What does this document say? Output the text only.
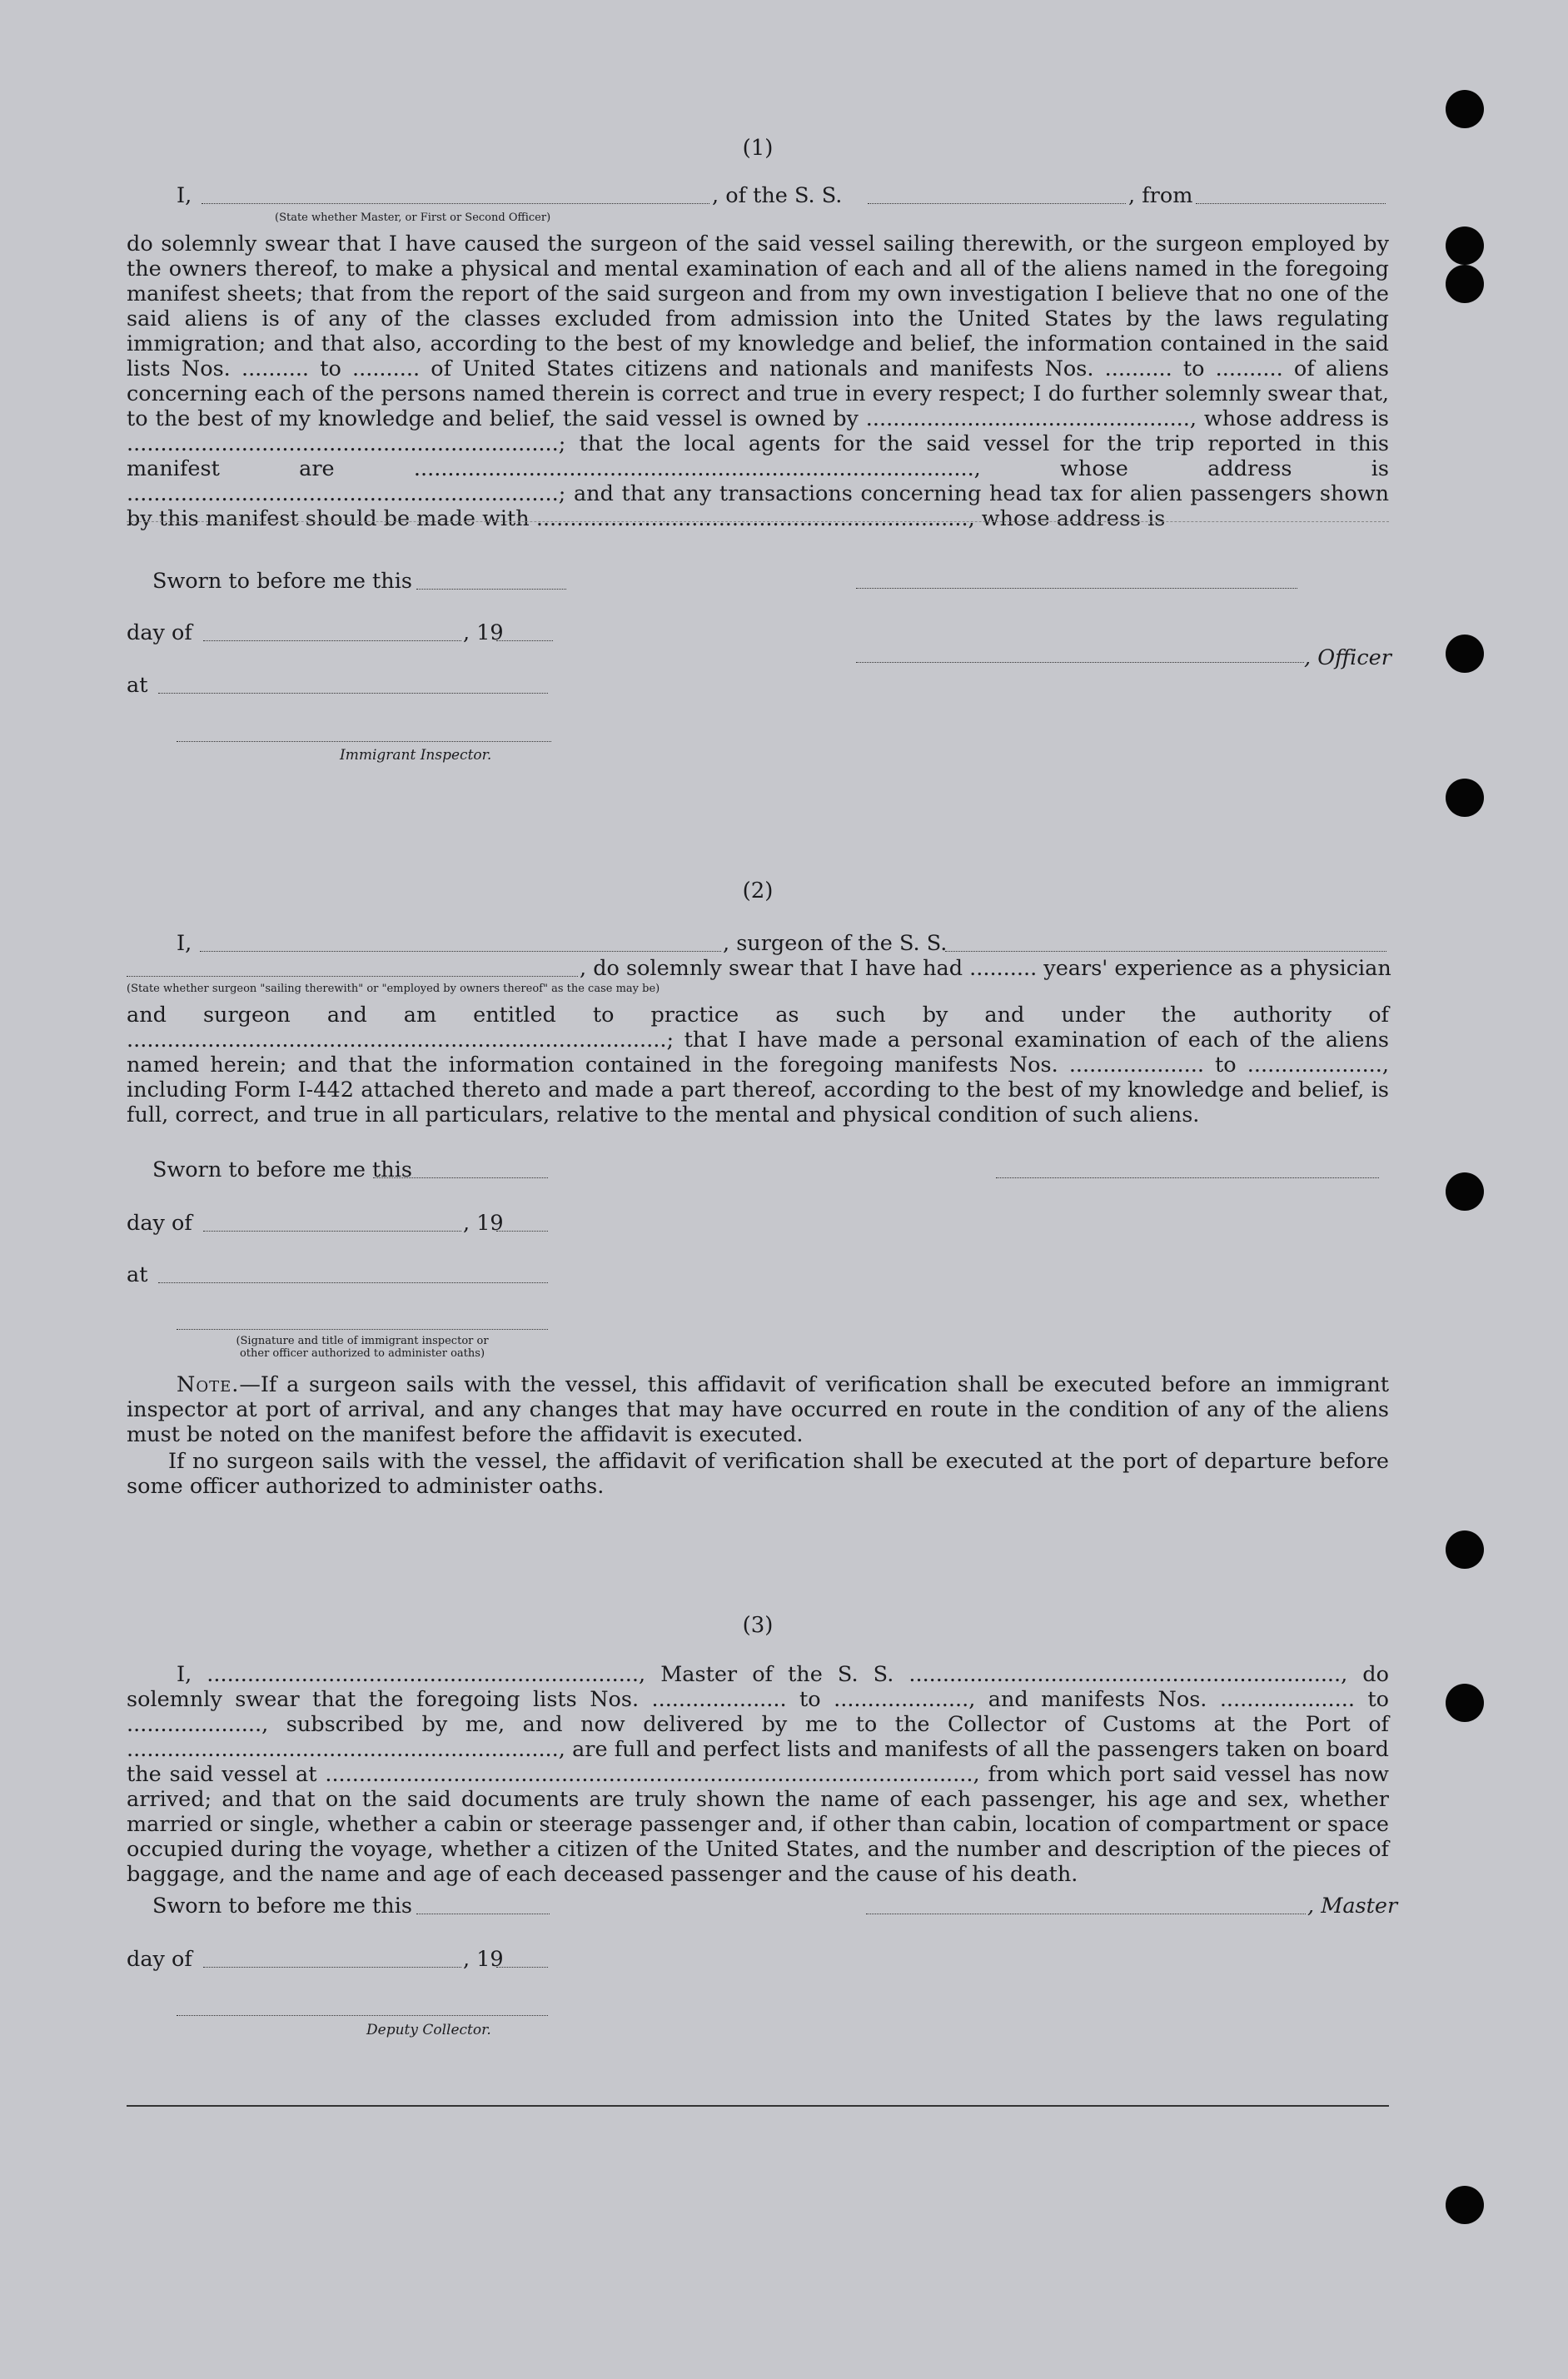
(1)
I,	, of the S. S.	, from
(State whether Master, or First or Second Officer)
do solemnly swear that I have caused the surgeon of the said vessel sailing therewith, or the surgeon employed by the owners thereof, to make a physical and mental examination of each and all of the aliens named in the foregoing manifest sheets; that from the report of the said surgeon and from my own investigation I believe that no one of the said aliens is of any of the classes excluded from admission into the United States by the laws regulating immigration; and that also, according to the best of my knowledge and belief, the information contained in the said lists Nos. .......... to .......... of United States citizens and nationals and manifests Nos. .......... to .......... of aliens concerning each of the persons named therein is correct and true in every respect; I do further solemnly swear that, to the best of my knowledge and belief, the said vessel is owned by ................................................, whose address is ................................................................; that the local agents for the said vessel for the trip reported in this manifest are ..................................................................................., whose address is ................................................................; and that any transactions concerning head tax for alien passengers shown by this manifest should be made with ................................................................, whose address is
Sworn to before me this
day of	, 19
at
Immigrant Inspector.
, Officer
(2)
I,	, surgeon of the S. S.
, do solemnly swear that I have had .......... years' experience as a physician
(State whether surgeon "sailing therewith" or "employed by owners thereof" as the case may be)
and surgeon and am entitled to practice as such by and under the authority of ................................................................................; that I have made a personal examination of each of the aliens named herein; and that the information contained in the foregoing manifests Nos. .................... to ...................., including Form I-442 attached thereto and made a part thereof, according to the best of my knowledge and belief, is full, correct, and true in all particulars, relative to the mental and physical condition of such aliens.
Sworn to before me this
day of	, 19
at
(Signature and title of immigrant inspector or
other officer authorized to administer oaths)
Note.—If a surgeon sails with the vessel, this affidavit of verification shall be executed before an immigrant inspector at port of arrival, and any changes that may have occurred en route in the condition of any of the aliens must be noted on the manifest before the affidavit is executed.
If no surgeon sails with the vessel, the affidavit of verification shall be executed at the port of departure before some officer authorized to administer oaths.
(3)
I, ................................................................, Master of the S. S. ................................................................, do solemnly swear that the foregoing lists Nos. .................... to ...................., and manifests Nos. .................... to ...................., subscribed by me, and now delivered by me to the Collector of Customs at the Port of ................................................................, are full and perfect lists and manifests of all the passengers taken on board the said vessel at ................................................................................................, from which port said vessel has now arrived; and that on the said documents are truly shown the name of each passenger, his age and sex, whether married or single, whether a cabin or steerage passenger and, if other than cabin, location of compartment or space occupied during the voyage, whether a citizen of the United States, and the number and description of the pieces of baggage, and the name and age of each deceased passenger and the cause of his death.
Sworn to before me this	, Master
day of	, 19
Deputy Collector.
